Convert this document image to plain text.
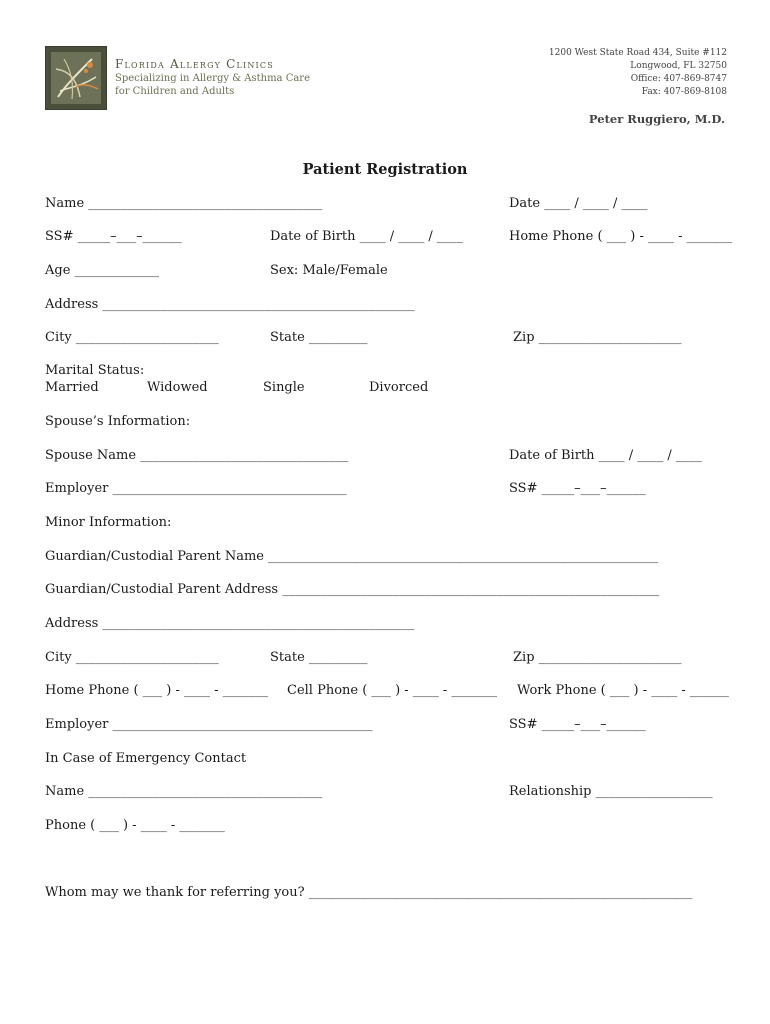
Florida Allergy Clinics
Specializing in Allergy & Asthma Care
for Children and Adults
1200 West State Road 434, Suite #112
Longwood, FL 32750
Office: 407-869-8747
Fax: 407-869-8108
Peter Ruggiero, M.D.
Patient Registration
Name ____________________________________	Date ____ / ____ / ____
SS# _____–___–______	Date of Birth ____ / ____ / ____	Home Phone ( ___ ) - ____ - _______
Age _____________	Sex: Male/Female
Address ________________________________________________
City ______________________	State _________	Zip ______________________
Marital Status:
Married	Widowed	Single	Divorced
Spouse’s Information:
Spouse Name ________________________________	Date of Birth ____ / ____ / ____
Employer ____________________________________	SS# _____–___–______
Minor Information:
Guardian/Custodial Parent Name ____________________________________________________________
Guardian/Custodial Parent Address __________________________________________________________
Address ________________________________________________
City ______________________	State _________	Zip ______________________
Home Phone ( ___ ) - ____ - _______ Cell Phone ( ___ ) - ____ - _______ Work Phone ( ___ ) - ____ - ______
Employer ________________________________________	SS# _____–___–______
In Case of Emergency Contact
Name ____________________________________	Relationship __________________
Phone ( ___ ) - ____ - _______
Whom may we thank for referring you? ___________________________________________________________
